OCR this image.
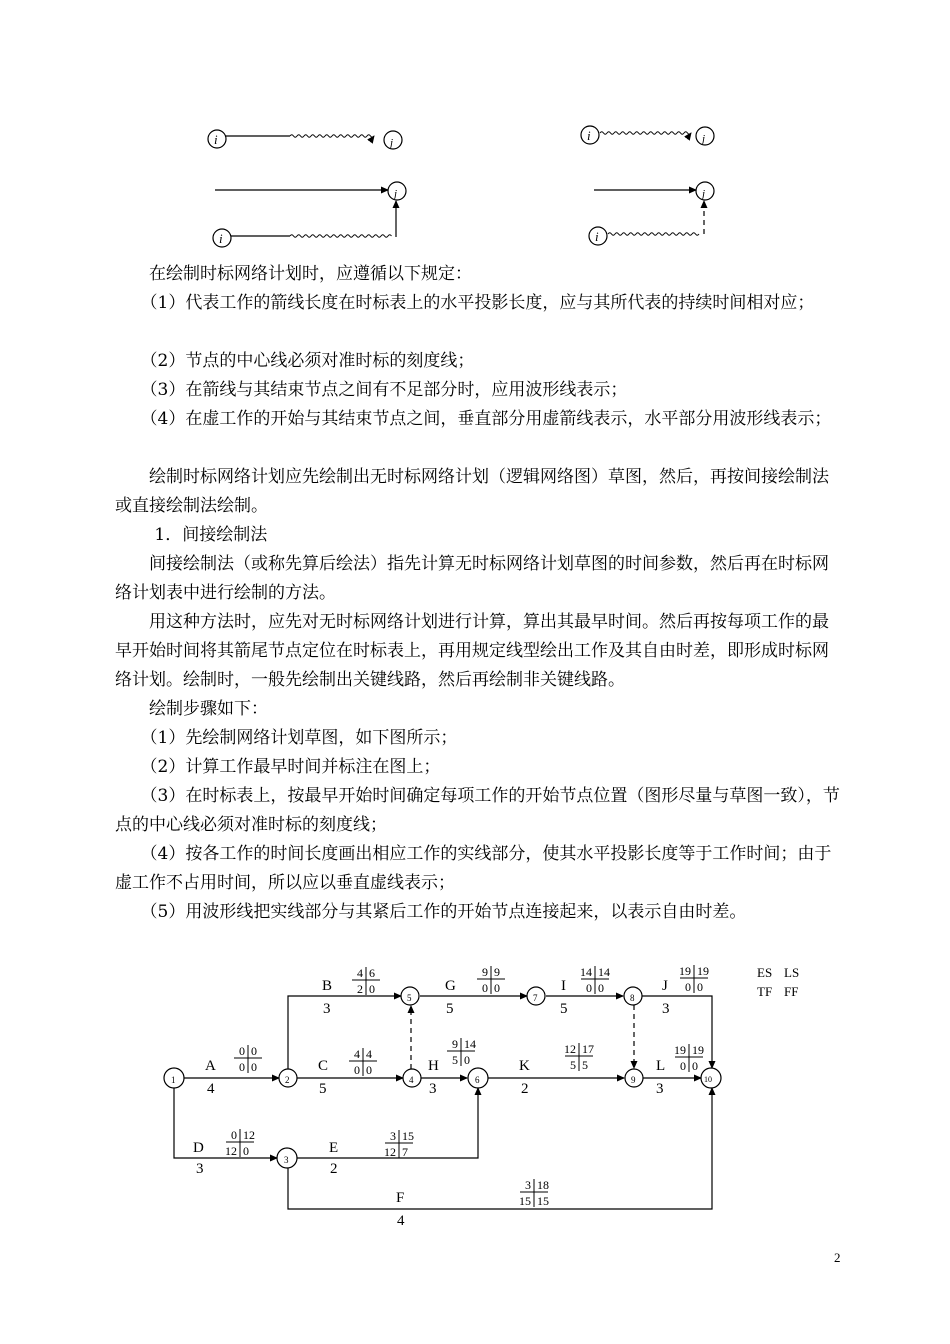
i	j	i	j
j
i
j
i

　　在绘制时标网络计划时，应遵循以下规定：

　　（1）代表工作的箭线长度在时标表上的水平投影长度，应与其所代表的持续时间相对应；

　　（2）节点的中心线必须对准时标的刻度线；

　　（3）在箭线与其结束节点之间有不足部分时，应用波形线表示；

　　（4）在虚工作的开始与其结束节点之间，垂直部分用虚箭线表示，水平部分用波形线表示；

　　绘制时标网络计划应先绘制出无时标网络计划（逻辑网络图）草图，然后，再按间接绘制法或直接绘制法绘制。

　　 1．间接绘制法

　　间接绘制法（或称先算后绘法）指先计算无时标网络计划草图的时间参数，然后再在时标网络计划表中进行绘制的方法。

　　用这种方法时，应先对无时标网络计划进行计算，算出其最早时间。然后再按每项工作的最早开始时间将其箭尾节点定位在时标表上，再用规定线型绘出工作及其自由时差，即形成时标网络计划。绘制时，一般先绘制出关键线路，然后再绘制非关键线路。

　　绘制步骤如下：

　　（1）先绘制网络计划草图，如下图所示；

　　（2）计算工作最早时间并标注在图上；

　　（3）在时标表上，按最早开始时间确定每项工作的开始节点位置（图形尽量与草图一致），节点的中心线必须对准时标的刻度线；

　　（4）按各工作的时间长度画出相应工作的实线部分，使其水平投影长度等于工作时间；由于虚工作不占用时间，所以应以垂直虚线表示；

　　（5）用波形线把实线部分与其紧后工作的开始节点连接起来，以表示自由时差。

ES LS
TF FF
1	2
3
4
5
6
7	8
9	10
A
4
B
3
C
5
D
3
E
2
F
4
G
5
H
3
I
5
J
3
K
2
L
3
0 0
0 0
4 6
2 0
4 4
0 0
0 12
12 0
3 15
12 7
3 18
15 15
9 9
0 0
9 14
5 0
14 14
0 0
19 19
0 0
12 17
5 5
19 19
0 0
2
